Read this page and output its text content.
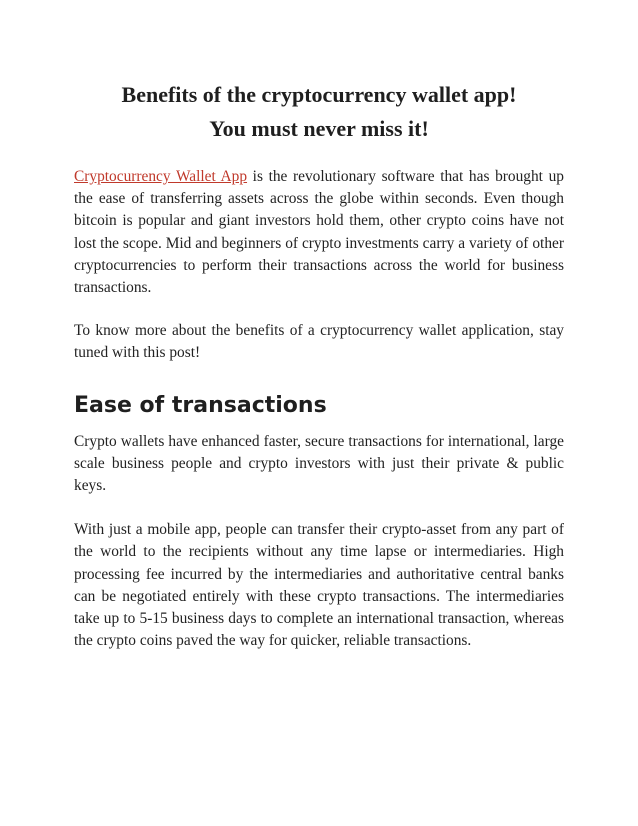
Benefits of the cryptocurrency wallet app!
You must never miss it!

Cryptocurrency Wallet App is the revolutionary software that has brought up the ease of transferring assets across the globe within seconds. Even though bitcoin is popular and giant investors hold them, other crypto coins have not lost the scope. Mid and beginners of crypto investments carry a variety of other cryptocurrencies to perform their transactions across the world for business transactions.

To know more about the benefits of a cryptocurrency wallet application, stay tuned with this post!

Ease of transactions

Crypto wallets have enhanced faster, secure transactions for international, large scale business people and crypto investors with just their private & public keys.

With just a mobile app, people can transfer their crypto-asset from any part of the world to the recipients without any time lapse or intermediaries. High processing fee incurred by the intermediaries and authoritative central banks can be negotiated entirely with these crypto transactions. The intermediaries take up to 5-15 business days to complete an international transaction, whereas the crypto coins paved the way for quicker, reliable transactions.
